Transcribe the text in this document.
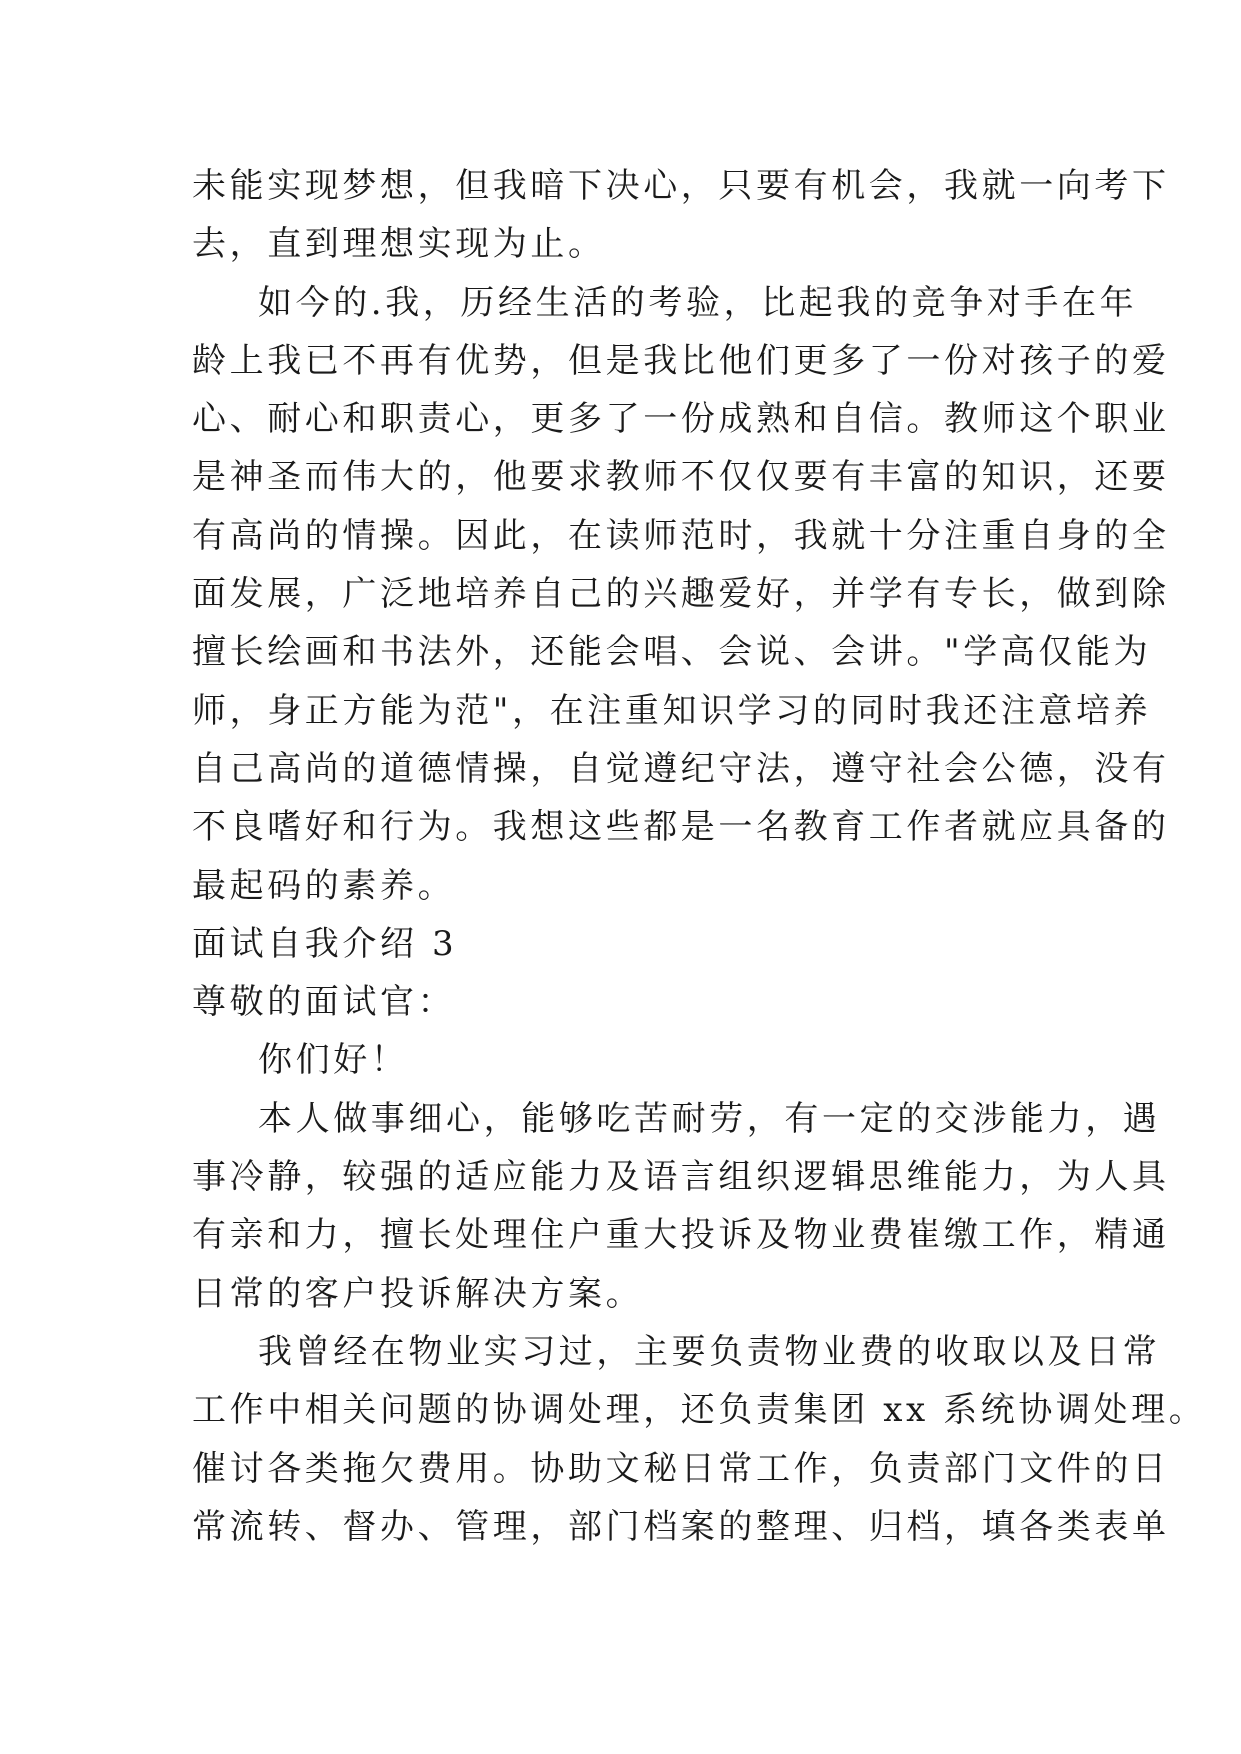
未能实现梦想，但我暗下决心，只要有机会，我就一向考下
去，直到理想实现为止。
如今的.我，历经生活的考验，比起我的竞争对手在年
龄上我已不再有优势，但是我比他们更多了一份对孩子的爱
心、耐心和职责心，更多了一份成熟和自信。教师这个职业
是神圣而伟大的，他要求教师不仅仅要有丰富的知识，还要
有高尚的情操。因此，在读师范时，我就十分注重自身的全
面发展，广泛地培养自己的兴趣爱好，并学有专长，做到除
擅长绘画和书法外，还能会唱、会说、会讲。"学高仅能为
师，身正方能为范"，在注重知识学习的同时我还注意培养
自己高尚的道德情操，自觉遵纪守法，遵守社会公德，没有
不良嗜好和行为。我想这些都是一名教育工作者就应具备的
最起码的素养。
面试自我介绍 3
尊敬的面试官：
你们好！
本人做事细心，能够吃苦耐劳，有一定的交涉能力，遇
事冷静，较强的适应能力及语言组织逻辑思维能力，为人具
有亲和力，擅长处理住户重大投诉及物业费崔缴工作，精通
日常的客户投诉解决方案。
我曾经在物业实习过，主要负责物业费的收取以及日常
工作中相关问题的协调处理，还负责集团 xx 系统协调处理。
催讨各类拖欠费用。协助文秘日常工作，负责部门文件的日
常流转、督办、管理，部门档案的整理、归档，填各类表单
